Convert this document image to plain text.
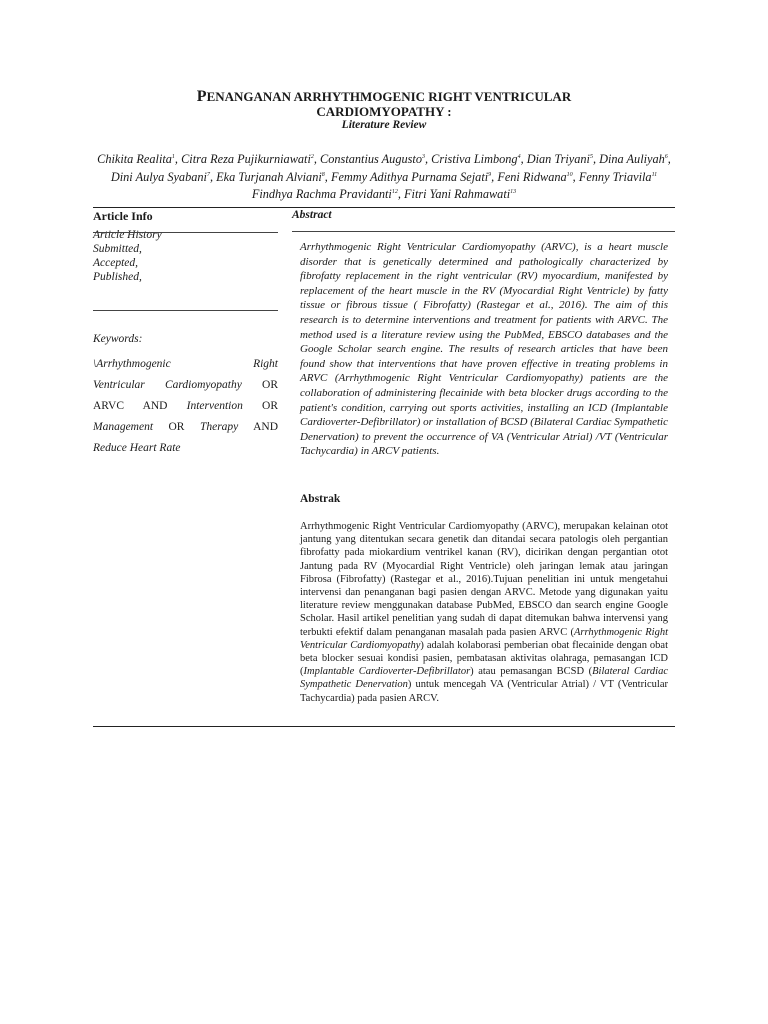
PENANGANAN ARRHYTHMOGENIC RIGHT VENTRICULAR
CARDIOMYOPATHY :
Literature Review
Chikita Realita$^1$, Citra Reza Pujikurniawati$^2$, Constantius Augusto$^3$, Cristiva Limbong$^4$, Dian Triyani$^5$, Dina Auliyah$^6$, Dini Aulya Syabani$^7$, Eka Turjanah Alviani$^8$, Femmy Adithya Purnama Sejati$^9$, Feni Ridwana$^{10}$, Fenny Triavila$^{11}$ Findhya Rachma Pravidanti$^{12}$, Fitri Yani Rahmawati$^{13}$
Article Info
Article History
Submitted,
Accepted,
Published,
Keywords:
\Arrhythmogenic	Right
Ventricular Cardiomyopathy OR
ARVC AND Intervention OR
Management OR Therapy AND
Reduce Heart Rate
Abstract
Arrhythmogenic Right Ventricular Cardiomyopathy (ARVC), is a heart muscle disorder that is genetically determined and pathologically characterized by fibrofatty replacement in the right ventricular (RV) myocardium, manifested by replacement of the heart muscle in the RV (Myocardial Right Ventricle) by fatty tissue or fibrous tissue ( Fibrofatty) (Rastegar et al., 2016). The aim of this research is to determine interventions and treatment for patients with ARVC. The method used is a literature review using the PubMed, EBSCO databases and the Google Scholar search engine. The results of research articles that have been found show that interventions that have proven effective in treating problems in ARVC (Arrhythmogenic Right Ventricular Cardiomyopathy) patients are the collaboration of administering flecainide with beta blocker drugs according to the patient's condition, carrying out sports activities, installing an ICD (Implantable Cardioverter-Defibrillator) or installation of BCSD (Bilateral Cardiac Sympathetic Denervation) to prevent the occurrence of VA (Ventricular Atrial) /VT (Ventricular Tachycardia) in ARCV patients.
Abstrak
Arrhythmogenic Right Ventricular Cardiomyopathy (ARVC), merupakan kelainan otot jantung yang ditentukan secara genetik dan ditandai secara patologis oleh pergantian fibrofatty pada miokardium ventrikel kanan (RV), dicirikan dengan pergantian otot Jantung pada RV (Myocardial Right Ventricle) oleh jaringan lemak atau jaringan Fibrosa (Fibrofatty) (Rastegar et al., 2016).Tujuan penelitian ini untuk mengetahui intervensi dan penanganan bagi pasien dengan ARVC. Metode yang digunakan yaitu literature review menggunakan database PubMed, EBSCO dan search engine Google Scholar. Hasil artikel penelitian yang sudah di dapat ditemukan bahwa intervensi yang terbukti efektif dalam penanganan masalah pada pasien ARVC (Arrhythmogenic Right Ventricular Cardiomyopathy) adalah kolaborasi pemberian obat flecainide dengan obat beta blocker sesuai kondisi pasien, pembatasan aktivitas olahraga, pemasangan ICD (Implantable Cardioverter-Defibrillator) atau pemasangan BCSD (Bilateral Cardiac Sympathetic Denervation) untuk mencegah VA (Ventricular Atrial) / VT (Ventricular Tachycardia) pada pasien ARCV.
